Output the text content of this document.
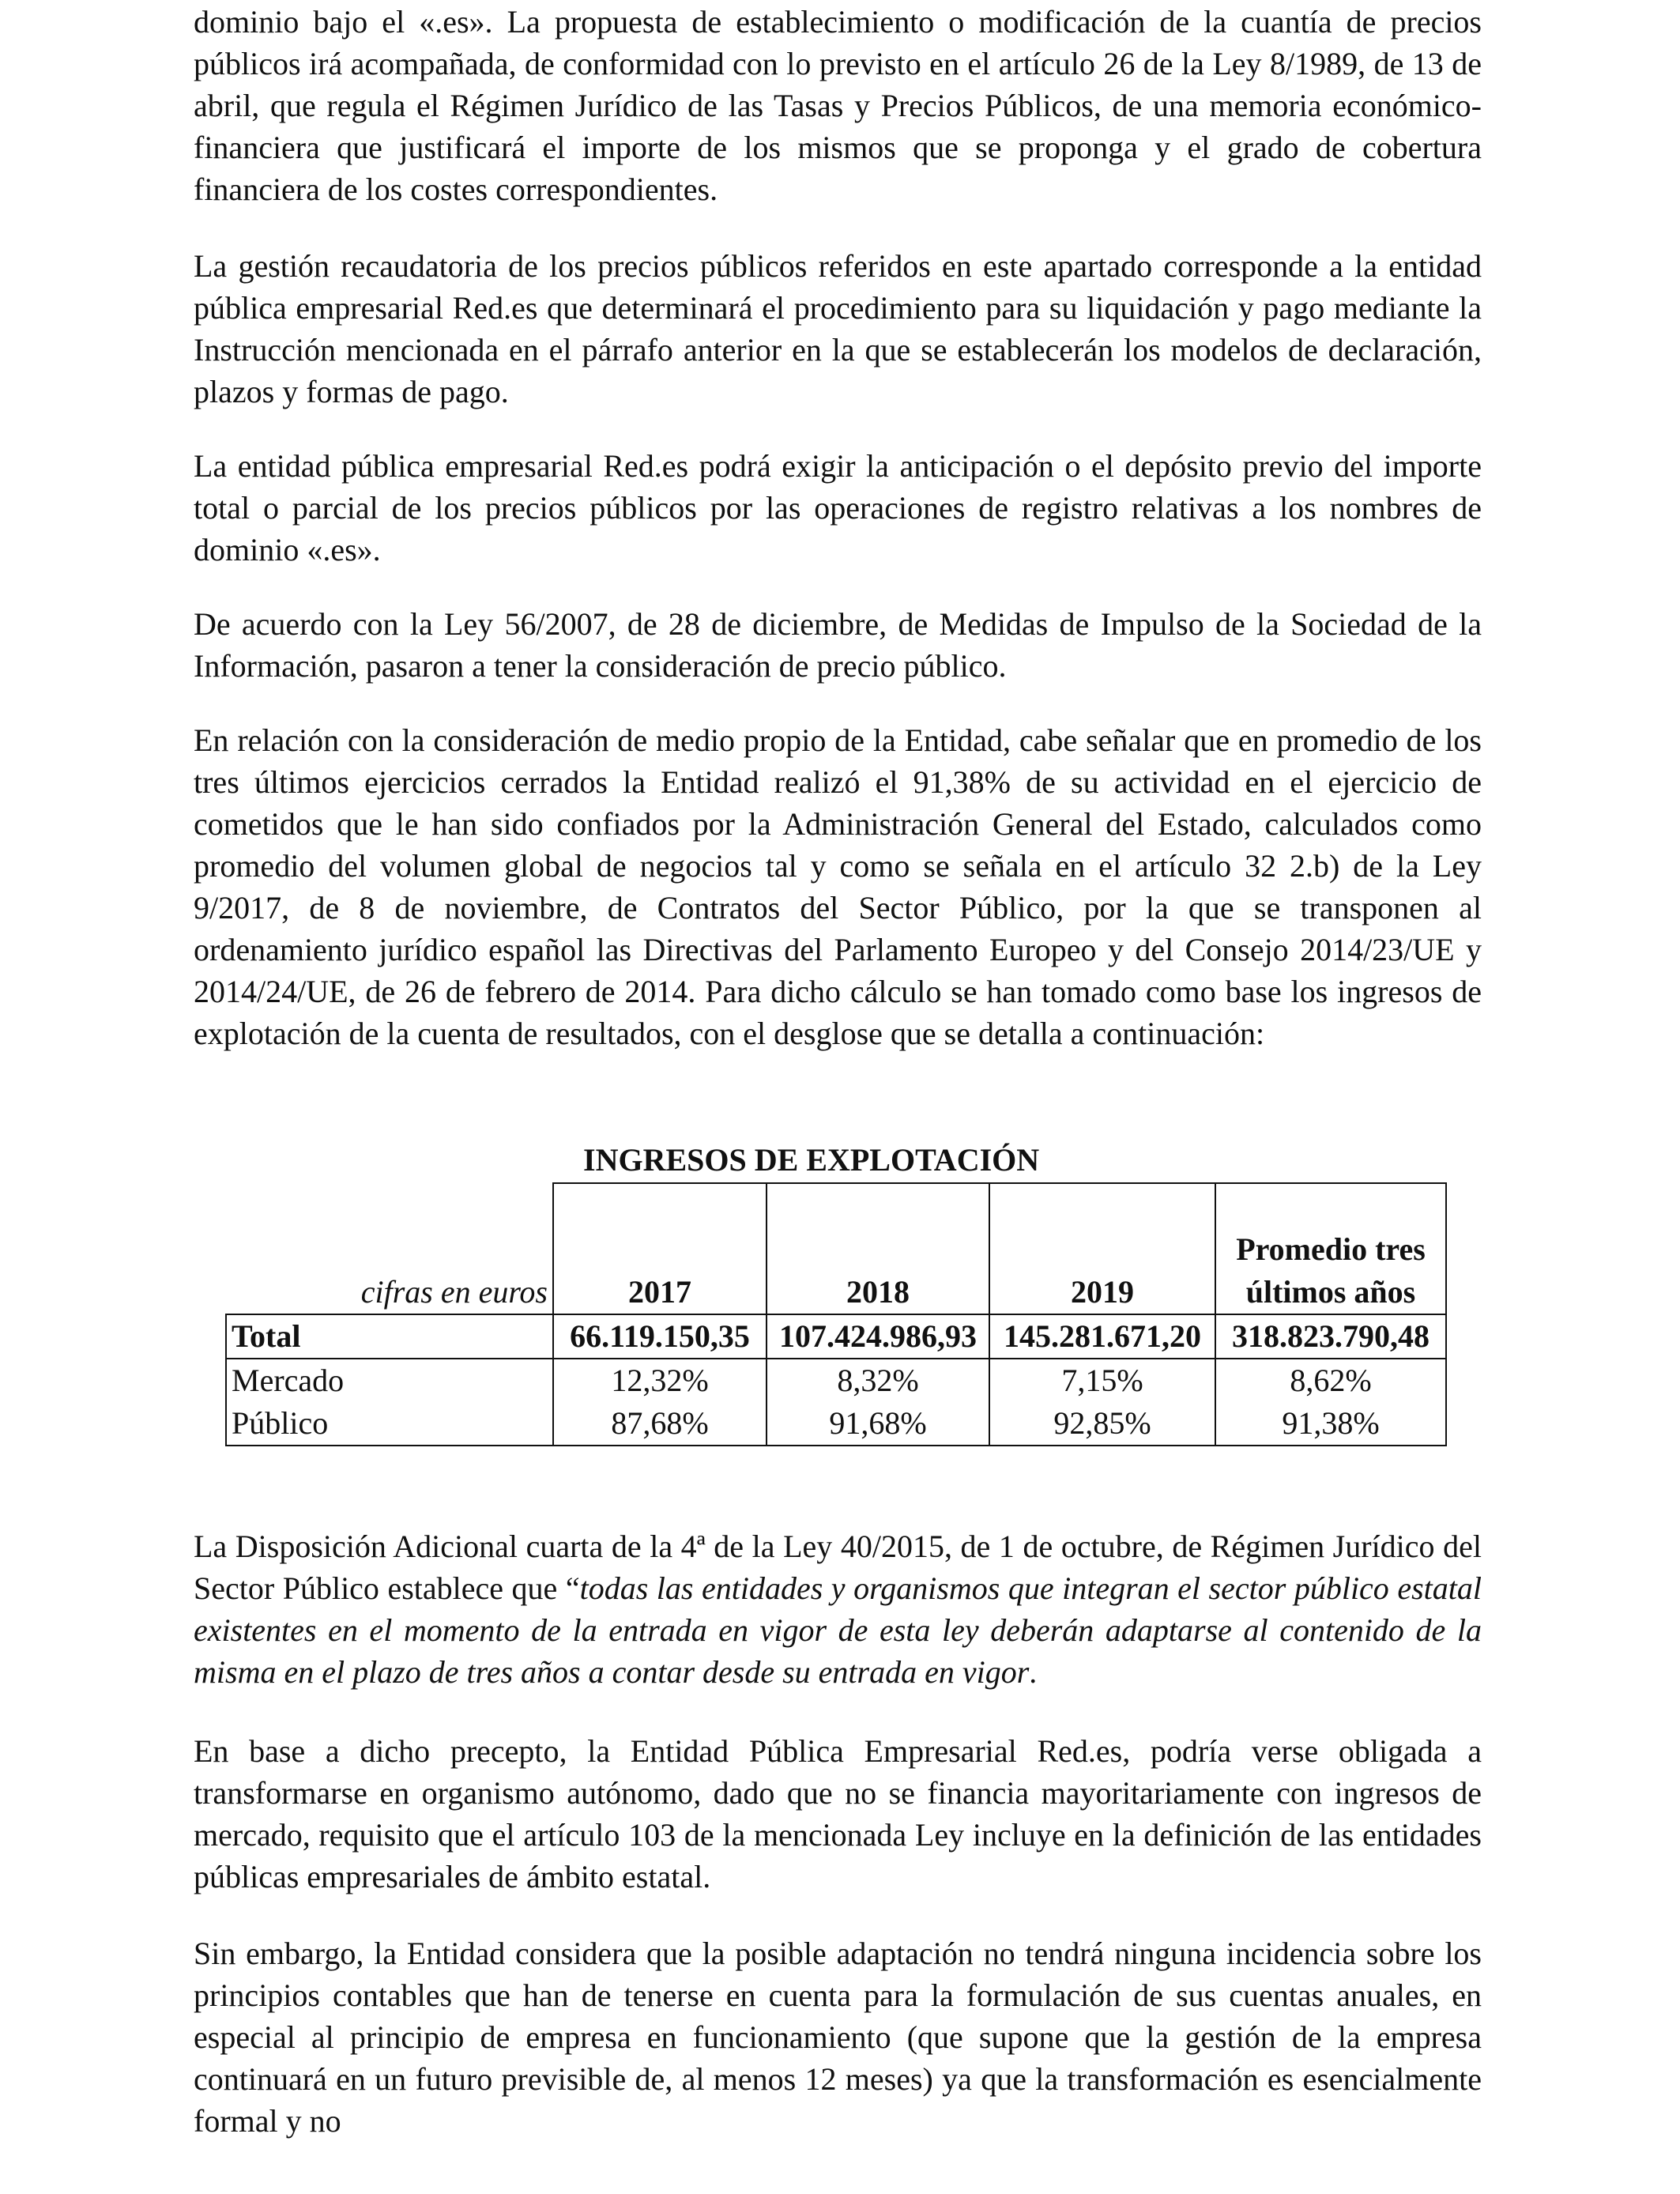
dominio bajo el «.es». La propuesta de establecimiento o modificación de la cuantía de precios públicos irá acompañada, de conformidad con lo previsto en el artículo 26 de la Ley 8/1989, de 13 de abril, que regula el Régimen Jurídico de las Tasas y Precios Públicos, de una memoria económico-financiera que justificará el importe de los mismos que se proponga y el grado de cobertura financiera de los costes correspondientes.

La gestión recaudatoria de los precios públicos referidos en este apartado corresponde a la entidad pública empresarial Red.es que determinará el procedimiento para su liquidación y pago mediante la Instrucción mencionada en el párrafo anterior en la que se establecerán los modelos de declaración, plazos y formas de pago.

La entidad pública empresarial Red.es podrá exigir la anticipación o el depósito previo del importe total o parcial de los precios públicos por las operaciones de registro relativas a los nombres de dominio «.es».

De acuerdo con la Ley 56/2007, de 28 de diciembre, de Medidas de Impulso de la Sociedad de la Información, pasaron a tener la consideración de precio público.

En relación con la consideración de medio propio de la Entidad, cabe señalar que en promedio de los tres últimos ejercicios cerrados la Entidad realizó el 91,38% de su actividad en el ejercicio de cometidos que le han sido confiados por la Administración General del Estado, calculados como promedio del volumen global de negocios tal y como se señala en el artículo 32 2.b) de la Ley 9/2017, de 8 de noviembre, de Contratos del Sector Público, por la que se transponen al ordenamiento jurídico español las Directivas del Parlamento Europeo y del Consejo 2014/23/UE y 2014/24/UE, de 26 de febrero de 2014. Para dicho cálculo se han tomado como base los ingresos de explotación de la cuenta de resultados, con el desglose que se detalla a continuación:

INGRESOS DE EXPLOTACIÓN
cifras en euros	2017	2018	2019	Promedio tres
últimos años
Total	66.119.150,35	107.424.986,93	145.281.671,20	318.823.790,48
Mercado	12,32%	8,32%	7,15%	8,62%
Público	87,68%	91,68%	92,85%	91,38%

La Disposición Adicional cuarta de la 4ª de la Ley 40/2015, de 1 de octubre, de Régimen Jurídico del Sector Público establece que “todas las entidades y organismos que integran el sector público estatal existentes en el momento de la entrada en vigor de esta ley deberán adaptarse al contenido de la misma en el plazo de tres años a contar desde su entrada en vigor.

En base a dicho precepto, la Entidad Pública Empresarial Red.es, podría verse obligada a transformarse en organismo autónomo, dado que no se financia mayoritariamente con ingresos de mercado, requisito que el artículo 103 de la mencionada Ley incluye en la definición de las entidades públicas empresariales de ámbito estatal.

Sin embargo, la Entidad considera que la posible adaptación no tendrá ninguna incidencia sobre los principios contables que han de tenerse en cuenta para la formulación de sus cuentas anuales, en especial al principio de empresa en funcionamiento (que supone que la gestión de la empresa continuará en un futuro previsible de, al menos 12 meses) ya que la transformación es esencialmente formal y no
